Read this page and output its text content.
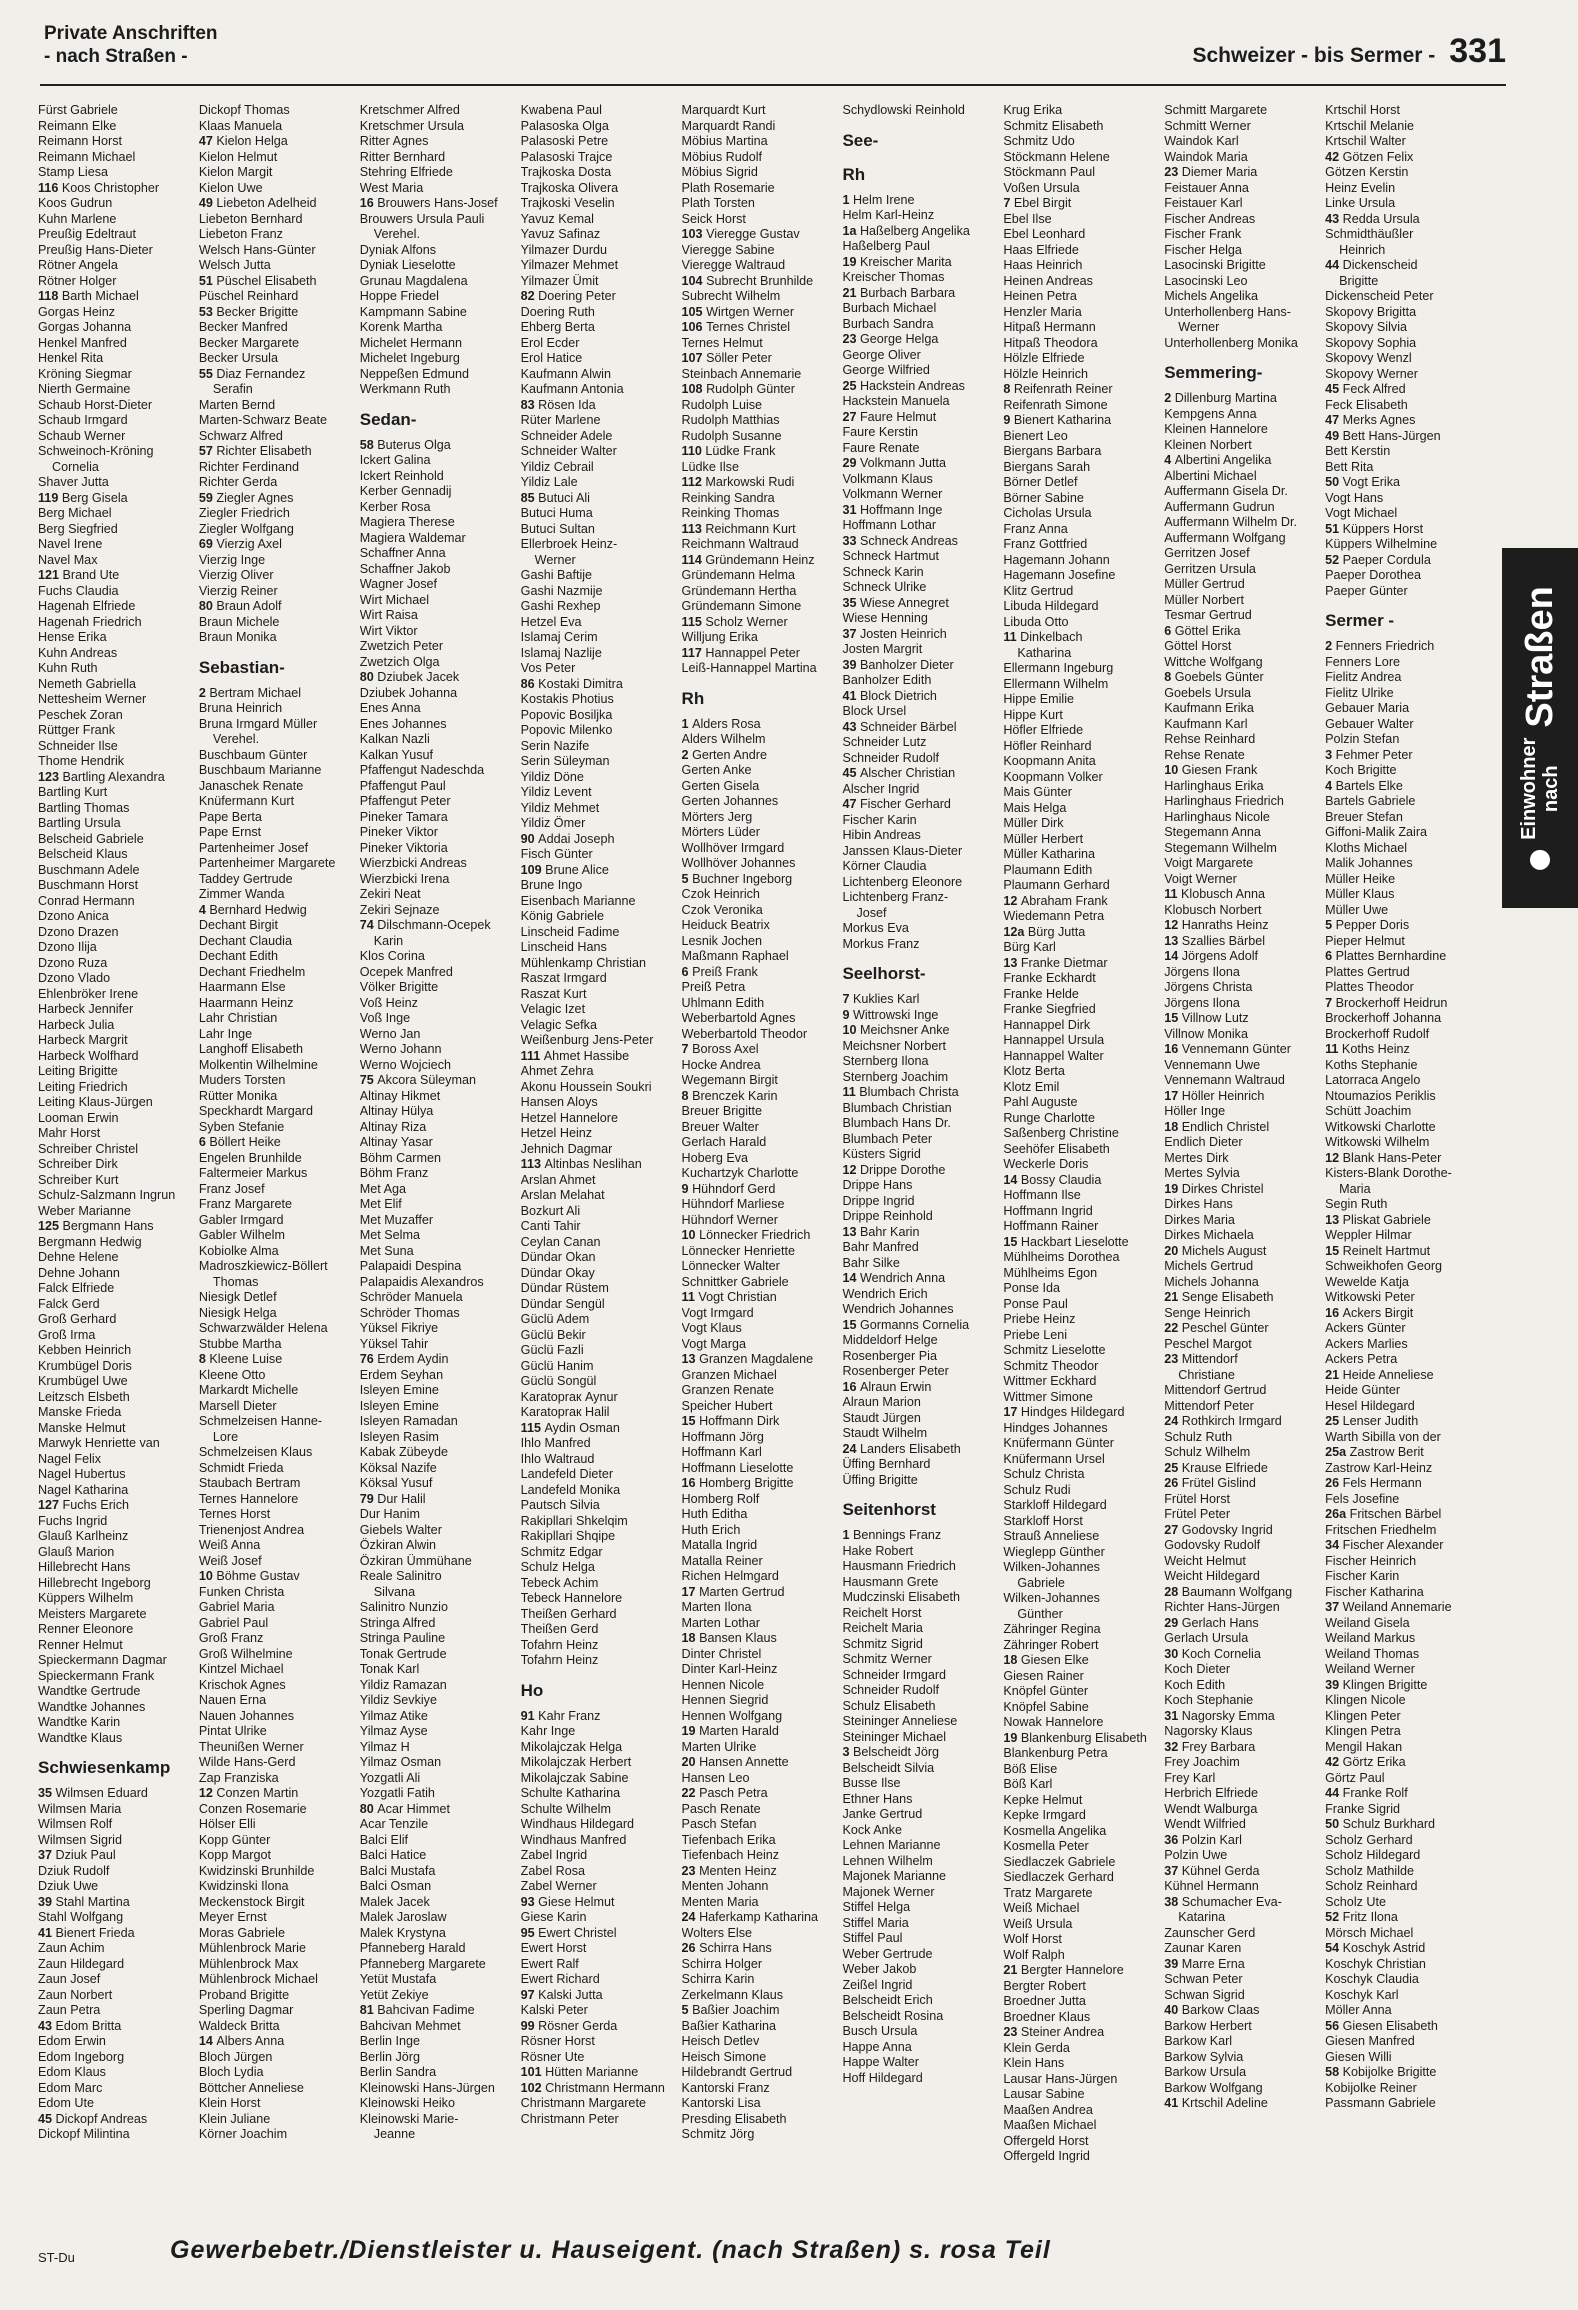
Private Anschriften
- nach Straßen -	Schweizer - bis Sermer - 331
Fürst Gabriele
Reimann Elke
Reimann Horst
Reimann Michael
Stamp Liesa
116 Koos Christopher
Koos Gudrun
Kuhn Marlene
Preußig Edeltraut
Preußig Hans-Dieter
Rötner Angela
Rötner Holger
118 Barth Michael
Gorgas Heinz
Gorgas Johanna
Henkel Manfred
Henkel Rita
Kröning Siegmar
Nierth Germaine
Schaub Horst-Dieter
Schaub Irmgard
Schaub Werner
Schweinoch-Kröning
Cornelia
Shaver Jutta
119 Berg Gisela
Berg Michael
Berg Siegfried
Navel Irene
Navel Max
121 Brand Ute
Fuchs Claudia
Hagenah Elfriede
Hagenah Friedrich
Hense Erika
Kuhn Andreas
Kuhn Ruth
Nemeth Gabriella
Nettesheim Werner
Peschek Zoran
Rüttger Frank
Schneider Ilse
Thome Hendrik
123 Bartling Alexandra
Bartling Kurt
Bartling Thomas
Bartling Ursula
Belscheid Gabriele
Belscheid Klaus
Buschmann Adele
Buschmann Horst
Conrad Hermann
Dzono Anica
Dzono Drazen
Dzono Ilija
Dzono Ruza
Dzono Vlado
Ehlenbröker Irene
Harbeck Jennifer
Harbeck Julia
Harbeck Margrit
Harbeck Wolfhard
Leiting Brigitte
Leiting Friedrich
Leiting Klaus-Jürgen
Looman Erwin
Mahr Horst
Schreiber Christel
Schreiber Dirk
Schreiber Kurt
Schulz-Salzmann Ingrun
Weber Marianne
125 Bergmann Hans
Bergmann Hedwig
Dehne Helene
Dehne Johann
Falck Elfriede
Falck Gerd
Groß Gerhard
Groß Irma
Kebben Heinrich
Krumbügel Doris
Krumbügel Uwe
Leitzsch Elsbeth
Manske Frieda
Manske Helmut
Marwyk Henriette van
Nagel Felix
Nagel Hubertus
Nagel Katharina
127 Fuchs Erich
Fuchs Ingrid
Glauß Karlheinz
Glauß Marion
Hillebrecht Hans
Hillebrecht Ingeborg
Küppers Wilhelm
Meisters Margarete
Renner Eleonore
Renner Helmut
Spieckermann Dagmar
Spieckermann Frank
Wandtke Gertrude
Wandtke Johannes
Wandtke Karin
Wandtke Klaus
Schwiesenkamp
35 Wilmsen Eduard
Wilmsen Maria
Wilmsen Rolf
Wilmsen Sigrid
37 Dziuk Paul
Dziuk Rudolf
Dziuk Uwe
39 Stahl Martina
Stahl Wolfgang
41 Bienert Frieda
Zaun Achim
Zaun Hildegard
Zaun Josef
Zaun Norbert
Zaun Petra
43 Edom Britta
Edom Erwin
Edom Ingeborg
Edom Klaus
Edom Marc
Edom Ute
45 Dickopf Andreas
Dickopf Milintina
Dickopf Thomas
Klaas Manuela
47 Kielon Helga
Kielon Helmut
Kielon Margit
Kielon Uwe
49 Liebeton Adelheid
Liebeton Bernhard
Liebeton Franz
Welsch Hans-Günter
Welsch Jutta
51 Püschel Elisabeth
Püschel Reinhard
53 Becker Brigitte
Becker Manfred
Becker Margarete
Becker Ursula
55 Diaz Fernandez
Serafin
Marten Bernd
Marten-Schwarz Beate
Schwarz Alfred
57 Richter Elisabeth
Richter Ferdinand
Richter Gerda
59 Ziegler Agnes
Ziegler Friedrich
Ziegler Wolfgang
69 Vierzig Axel
Vierzig Inge
Vierzig Oliver
Vierzig Reiner
80 Braun Adolf
Braun Michele
Braun Monika
Sebastian-
2 Bertram Michael
Bruna Heinrich
Bruna Irmgard Müller
Verehel.
Buschbaum Günter
Buschbaum Marianne
Janaschek Renate
Knüfermann Kurt
Pape Berta
Pape Ernst
Partenheimer Josef
Partenheimer Margarete
Taddey Gertrude
Zimmer Wanda
4 Bernhard Hedwig
Dechant Birgit
Dechant Claudia
Dechant Edith
Dechant Friedhelm
Haarmann Else
Haarmann Heinz
Lahr Christian
Lahr Inge
Langhoff Elisabeth
Molkentin Wilhelmine
Muders Torsten
Rütter Monika
Speckhardt Margard
Syben Stefanie
6 Böllert Heike
Engelen Brunhilde
Faltermeier Markus
Franz Josef
Franz Margarete
Gabler Irmgard
Gabler Wilhelm
Kobiolke Alma
Madroszkiewicz-Böllert
Thomas
Niesigk Detlef
Niesigk Helga
Schwarzwälder Helena
Stubbe Martha
8 Kleene Luise
Kleene Otto
Markardt Michelle
Marsell Dieter
Schmelzeisen Hanne-
Lore
Schmelzeisen Klaus
Schmidt Frieda
Staubach Bertram
Ternes Hannelore
Ternes Horst
Trienenjost Andrea
Weiß Anna
Weiß Josef
10 Böhme Gustav
Funken Christa
Gabriel Maria
Gabriel Paul
Groß Franz
Groß Wilhelmine
Kintzel Michael
Krischok Agnes
Nauen Erna
Nauen Johannes
Pintat Ulrike
Theunißen Werner
Wilde Hans-Gerd
Zap Franziska
12 Conzen Martin
Conzen Rosemarie
Hölser Elli
Kopp Günter
Kopp Margot
Kwidzinski Brunhilde
Kwidzinski Ilona
Meckenstock Birgit
Meyer Ernst
Moras Gabriele
Mühlenbrock Marie
Mühlenbrock Max
Mühlenbrock Michael
Proband Brigitte
Sperling Dagmar
Waldeck Britta
14 Albers Anna
Bloch Jürgen
Bloch Lydia
Böttcher Anneliese
Klein Horst
Klein Juliane
Körner Joachim
Kretschmer Alfred
Kretschmer Ursula
Ritter Agnes
Ritter Bernhard
Stehring Elfriede
West Maria
16 Brouwers Hans-Josef
Brouwers Ursula Pauli
Verehel.
Dyniak Alfons
Dyniak Lieselotte
Grunau Magdalena
Hoppe Friedel
Kampmann Sabine
Korenk Martha
Michelet Hermann
Michelet Ingeburg
Neppeßen Edmund
Werkmann Ruth
Sedan-
58 Buterus Olga
Ickert Galina
Ickert Reinhold
Kerber Gennadij
Kerber Rosa
Magiera Therese
Magiera Waldemar
Schaffner Anna
Schaffner Jakob
Wagner Josef
Wirt Michael
Wirt Raisa
Wirt Viktor
Zwetzich Peter
Zwetzich Olga
80 Dziubek Jacek
Dziubek Johanna
Enes Anna
Enes Johannes
Kalkan Nazli
Kalkan Yusuf
Pfaffengut Nadeschda
Pfaffengut Paul
Pfaffengut Peter
Pineker Tamara
Pineker Viktor
Pineker Viktoria
Wierzbicki Andreas
Wierzbicki Irena
Zekiri Neat
Zekiri Sejnaze
74 Dilschmann-Ocepek
Karin
Klos Corina
Ocepek Manfred
Völker Brigitte
Voß Heinz
Voß Inge
Werno Jan
Werno Johann
Werno Wojciech
75 Akcora Süleyman
Altinay Hikmet
Altinay Hülya
Altinay Riza
Altinay Yasar
Böhm Carmen
Böhm Franz
Met Aga
Met Elif
Met Muzaffer
Met Selma
Met Suna
Palapaidi Despina
Palapaidis Alexandros
Schröder Manuela
Schröder Thomas
Yüksel Fikriye
Yüksel Tahir
76 Erdem Aydin
Erdem Seyhan
Isleyen Emine
Isleyen Emine
Isleyen Ramadan
Isleyen Rasim
Kabak Zübeyde
Köksal Nazife
Köksal Yusuf
79 Dur Halil
Dur Hanim
Giebels Walter
Özkiran Alwin
Özkiran Ümmühane
Reale Salinitro
Silvana
Salinitro Nunzio
Stringa Alfred
Stringa Pauline
Tonak Gertrude
Tonak Karl
Yildiz Ramazan
Yildiz Sevkiye
Yilmaz Atike
Yilmaz Ayse
Yilmaz H
Yilmaz Osman
Yozgatli Ali
Yozgatli Fatih
80 Acar Himmet
Acar Tenzile
Balci Elif
Balci Hatice
Balci Mustafa
Balci Osman
Malek Jacek
Malek Jaroslaw
Malek Krystyna
Pfanneberg Harald
Pfanneberg Margarete
Yetüt Mustafa
Yetüt Zekiye
81 Bahcivan Fadime
Bahcivan Mehmet
Berlin Inge
Berlin Jörg
Berlin Sandra
Kleinowski Hans-Jürgen
Kleinowski Heiko
Kleinowski Marie-
Jeanne
Kwabena Paul
Palasoska Olga
Palasoski Petre
Palasoski Trajce
Trajkoska Dosta
Trajkoska Olivera
Trajkoski Veselin
Yavuz Kemal
Yavuz Safinaz
Yilmazer Durdu
Yilmazer Mehmet
Yilmazer Ümit
82 Doering Peter
Doering Ruth
Ehberg Berta
Erol Ecder
Erol Hatice
Kaufmann Alwin
Kaufmann Antonia
83 Rösen Ida
Rüter Marlene
Schneider Adele
Schneider Walter
Yildiz Cebrail
Yildiz Lale
85 Butuci Ali
Butuci Huma
Butuci Sultan
Ellerbroek Heinz-
Werner
Gashi Baftije
Gashi Nazmije
Gashi Rexhep
Hetzel Eva
Islamaj Cerim
Islamaj Nazlije
Vos Peter
86 Kostaki Dimitra
Kostakis Photius
Popovic Bosiljka
Popovic Milenko
Serin Nazife
Serin Süleyman
Yildiz Döne
Yildiz Levent
Yildiz Mehmet
Yildiz Ömer
90 Addai Joseph
Fisch Günter
109 Brune Alice
Brune Ingo
Eisenbach Marianne
König Gabriele
Linscheid Fadime
Linscheid Hans
Mühlenkamp Christian
Raszat Irmgard
Raszat Kurt
Velagic Izet
Velagic Sefka
Weißenburg Jens-Peter
111 Ahmet Hassibe
Ahmet Zehra
Akonu Houssein Soukri
Hansen Aloys
Hetzel Hannelore
Hetzel Heinz
Jehnich Dagmar
113 Altinbas Neslihan
Arslan Ahmet
Arslan Melahat
Bozkurt Ali
Canti Tahir
Ceylan Canan
Dündar Okan
Dündar Okay
Dündar Rüstem
Dündar Sengül
Güclü Adem
Güclü Bekir
Güclü Fazli
Güclü Hanim
Güclü Songül
Karatopraк Aynur
Karatopraк Halil
115 Aydin Osman
Ihlo Manfred
Ihlo Waltraud
Landefeld Dieter
Landefeld Monika
Pautsch Silvia
Rakipllari Shkelqim
Rakipllari Shqipe
Schmitz Edgar
Schulz Helga
Tebeck Achim
Tebeck Hannelore
Theißen Gerhard
Theißen Gerd
Tofahrn Heinz
Tofahrn Heinz
Ho
91 Kahr Franz
Kahr Inge
Mikolajczak Helga
Mikolajczak Herbert
Mikolajczak Sabine
Schulte Katharina
Schulte Wilhelm
Windhaus Hildegard
Windhaus Manfred
Zabel Ingrid
Zabel Rosa
Zabel Werner
93 Giese Helmut
Giese Karin
95 Ewert Christel
Ewert Horst
Ewert Ralf
Ewert Richard
97 Kalski Jutta
Kalski Peter
99 Rösner Gerda
Rösner Horst
Rösner Ute
101 Hütten Marianne
102 Christmann Hermann
Christmann Margarete
Christmann Peter
Marquardt Kurt
Marquardt Randi
Möbius Martina
Möbius Rudolf
Möbius Sigrid
Plath Rosemarie
Plath Torsten
Seick Horst
103 Vieregge Gustav
Vieregge Sabine
Vieregge Waltraud
104 Subrecht Brunhilde
Subrecht Wilhelm
105 Wirtgen Werner
106 Ternes Christel
Ternes Helmut
107 Söller Peter
Steinbach Annemarie
108 Rudolph Günter
Rudolph Luise
Rudolph Matthias
Rudolph Susanne
110 Lüdke Frank
Lüdke Ilse
112 Markowski Rudi
Reinking Sandra
Reinking Thomas
113 Reichmann Kurt
Reichmann Waltraud
114 Gründemann Heinz
Gründemann Helma
Gründemann Hertha
Gründemann Simone
115 Scholz Werner
Willjung Erika
117 Hannappel Peter
Leiß-Hannappel Martina
Rh
1 Alders Rosa
Alders Wilhelm
2 Gerten Andre
Gerten Anke
Gerten Gisela
Gerten Johannes
Mörters Jerg
Mörters Lüder
Wollhöver Irmgard
Wollhöver Johannes
5 Buchner Ingeborg
Czok Heinrich
Czok Veronika
Heiduck Beatrix
Lesnik Jochen
Maßmann Raphael
6 Preiß Frank
Preiß Petra
Uhlmann Edith
Weberbartold Agnes
Weberbartold Theodor
7 Boross Axel
Hocke Andrea
Wegemann Birgit
8 Brenczek Karin
Breuer Brigitte
Breuer Walter
Gerlach Harald
Hoberg Eva
Kuchartzyk Charlotte
9 Hühndorf Gerd
Hühndorf Marliese
Hühndorf Werner
10 Lönnecker Friedrich
Lönnecker Henriette
Lönnecker Walter
Schnittker Gabriele
11 Vogt Christian
Vogt Irmgard
Vogt Klaus
Vogt Marga
13 Granzen Magdalene
Granzen Michael
Granzen Renate
Speicher Hubert
15 Hoffmann Dirk
Hoffmann Jörg
Hoffmann Karl
Hoffmann Lieselotte
16 Homberg Brigitte
Homberg Rolf
Huth Editha
Huth Erich
Matalla Ingrid
Matalla Reiner
Richen Helmgard
17 Marten Gertrud
Marten Ilona
Marten Lothar
18 Bansen Klaus
Dinter Christel
Dinter Karl-Heinz
Hennen Nicole
Hennen Siegrid
Hennen Wolfgang
19 Marten Harald
Marten Ulrike
20 Hansen Annette
Hansen Leo
22 Pasch Petra
Pasch Renate
Pasch Stefan
Tiefenbach Erika
Tiefenbach Heinz
23 Menten Heinz
Menten Johann
Menten Maria
24 Haferkamp Katharina
Wolters Else
26 Schirra Hans
Schirra Holger
Schirra Karin
Zerkelmann Klaus
5 Baßier Joachim
Baßier Katharina
Heisch Detlev
Heisch Simone
Hildebrandt Gertrud
Kantorski Franz
Kantorski Lisa
Presding Elisabeth
Schmitz Jörg
Schydlowski Reinhold
See-
Rh
1 Helm Irene
Helm Karl-Heinz
1a Haßelberg Angelika
Haßelberg Paul
19 Kreischer Marita
Kreischer Thomas
21 Burbach Barbara
Burbach Michael
Burbach Sandra
23 George Helga
George Oliver
George Wilfried
25 Hackstein Andreas
Hackstein Manuela
27 Faure Helmut
Faure Kerstin
Faure Renate
29 Volkmann Jutta
Volkmann Klaus
Volkmann Werner
31 Hoffmann Inge
Hoffmann Lothar
33 Schneck Andreas
Schneck Hartmut
Schneck Karin
Schneck Ulrike
35 Wiese Annegret
Wiese Henning
37 Josten Heinrich
Josten Margrit
39 Banholzer Dieter
Banholzer Edith
41 Block Dietrich
Block Ursel
43 Schneider Bärbel
Schneider Lutz
Schneider Rudolf
45 Alscher Christian
Alscher Ingrid
47 Fischer Gerhard
Fischer Karin
Hibin Andreas
Janssen Klaus-Dieter
Körner Claudia
Lichtenberg Eleonore
Lichtenberg Franz-
Josef
Morkus Eva
Morkus Franz
Seelhorst-
7 Kuklies Karl
9 Wittrowski Inge
10 Meichsner Anke
Meichsner Norbert
Sternberg Ilona
Sternberg Joachim
11 Blumbach Christa
Blumbach Christian
Blumbach Hans Dr.
Blumbach Peter
Küsters Sigrid
12 Drippe Dorothe
Drippe Hans
Drippe Ingrid
Drippe Reinhold
13 Bahr Karin
Bahr Manfred
Bahr Silke
14 Wendrich Anna
Wendrich Erich
Wendrich Johannes
15 Gormanns Cornelia
Middeldorf Helge
Rosenberger Pia
Rosenberger Peter
16 Alraun Erwin
Alraun Marion
Staudt Jürgen
Staudt Wilhelm
24 Landers Elisabeth
Üffing Bernhard
Üffing Brigitte
Seitenhorst
1 Bennings Franz
Hake Robert
Hausmann Friedrich
Hausmann Grete
Mudczinski Elisabeth
Reichelt Horst
Reichelt Maria
Schmitz Sigrid
Schmitz Werner
Schneider Irmgard
Schneider Rudolf
Schulz Elisabeth
Steininger Anneliese
Steininger Michael
3 Belscheidt Jörg
Belscheidt Silvia
Busse Ilse
Ethner Hans
Janke Gertrud
Kock Anke
Lehnen Marianne
Lehnen Wilhelm
Majonek Marianne
Majonek Werner
Stiffel Helga
Stiffel Maria
Stiffel Paul
Weber Gertrude
Weber Jakob
Zeißel Ingrid
Belscheidt Erich
Belscheidt Rosina
Busch Ursula
Happe Anna
Happe Walter
Hoff Hildegard
Krug Erika
Schmitz Elisabeth
Schmitz Udo
Stöckmann Helene
Stöckmann Paul
Voßen Ursula
7 Ebel Birgit
Ebel Ilse
Ebel Leonhard
Haas Elfriede
Haas Heinrich
Heinen Andreas
Heinen Petra
Henzler Maria
Hitpaß Hermann
Hitpaß Theodora
Hölzle Elfriede
Hölzle Heinrich
8 Reifenrath Reiner
Reifenrath Simone
9 Bienert Katharina
Bienert Leo
Biergans Barbara
Biergans Sarah
Börner Detlef
Börner Sabine
Cicholas Ursula
Franz Anna
Franz Gottfried
Hagemann Johann
Hagemann Josefine
Klitz Gertrud
Libuda Hildegard
Libuda Otto
11 Dinkelbach
Katharina
Ellermann Ingeburg
Ellermann Wilhelm
Hippe Emilie
Hippe Kurt
Höfler Elfriede
Höfler Reinhard
Koopmann Anita
Koopmann Volker
Mais Günter
Mais Helga
Müller Dirk
Müller Herbert
Müller Katharina
Plaumann Edith
Plaumann Gerhard
12 Abraham Frank
Wiedemann Petra
12a Bürg Jutta
Bürg Karl
13 Franke Dietmar
Franke Eckhardt
Franke Helde
Franke Siegfried
Hannappel Dirk
Hannappel Ursula
Hannappel Walter
Klotz Berta
Klotz Emil
Pahl Auguste
Runge Charlotte
Saßenberg Christine
Seehöfer Elisabeth
Weckerle Doris
14 Bossy Claudia
Hoffmann Ilse
Hoffmann Ingrid
Hoffmann Rainer
15 Hackbart Lieselotte
Mühlheims Dorothea
Mühlheims Egon
Ponse Ida
Ponse Paul
Priebe Heinz
Priebe Leni
Schmitz Lieselotte
Schmitz Theodor
Wittmer Eckhard
Wittmer Simone
17 Hindges Hildegard
Hindges Johannes
Knüfermann Günter
Knüfermann Ursel
Schulz Christa
Schulz Rudi
Starkloff Hildegard
Starkloff Horst
Strauß Anneliese
Wieglepp Günther
Wilken-Johannes
Gabriele
Wilken-Johannes
Günther
Zähringer Regina
Zähringer Robert
18 Giesen Elke
Giesen Rainer
Knöpfel Günter
Knöpfel Sabine
Nowak Hannelore
19 Blankenburg Elisabeth
Blankenburg Petra
Böß Elise
Böß Karl
Kepke Helmut
Kepke Irmgard
Kosmella Angelika
Kosmella Peter
Siedlaczek Gabriele
Siedlaczek Gerhard
Tratz Margarete
Weiß Michael
Weiß Ursula
Wolf Horst
Wolf Ralph
21 Bergter Hannelore
Bergter Robert
Broedner Jutta
Broedner Klaus
23 Steiner Andrea
Klein Gerda
Klein Hans
Lausar Hans-Jürgen
Lausar Sabine
Maaßen Andrea
Maaßen Michael
Offergeld Horst
Offergeld Ingrid
Schmitt Margarete
Schmitt Werner
Waindok Karl
Waindok Maria
23 Diemer Maria
Feistauer Anna
Feistauer Karl
Fischer Andreas
Fischer Frank
Fischer Helga
Lasocinski Brigitte
Lasocinski Leo
Michels Angelika
Unterhollenberg Hans-
Werner
Unterhollenberg Monika
Semmering-
2 Dillenburg Martina
Kempgens Anna
Kleinen Hannelore
Kleinen Norbert
4 Albertini Angelika
Albertini Michael
Auffermann Gisela Dr.
Auffermann Gudrun
Auffermann Wilhelm Dr.
Auffermann Wolfgang
Gerritzen Josef
Gerritzen Ursula
Müller Gertrud
Müller Norbert
Tesmar Gertrud
6 Göttel Erika
Göttel Horst
Wittche Wolfgang
8 Goebels Günter
Goebels Ursula
Kaufmann Erika
Kaufmann Karl
Rehse Reinhard
Rehse Renate
10 Giesen Frank
Harlinghaus Erika
Harlinghaus Friedrich
Harlinghaus Nicole
Stegemann Anna
Stegemann Wilhelm
Voigt Margarete
Voigt Werner
11 Klobusch Anna
Klobusch Norbert
12 Hanraths Heinz
13 Szallies Bärbel
14 Jörgens Adolf
Jörgens Ilona
Jörgens Christa
Jörgens Ilona
15 Villnow Lutz
Villnow Monika
16 Vennemann Günter
Vennemann Uwe
Vennemann Waltraud
17 Höller Heinrich
Höller Inge
18 Endlich Christel
Endlich Dieter
Mertes Dirk
Mertes Sylvia
19 Dirkes Christel
Dirkes Hans
Dirkes Maria
Dirkes Michaela
20 Michels August
Michels Gertrud
Michels Johanna
21 Senge Elisabeth
Senge Heinrich
22 Peschel Günter
Peschel Margot
23 Mittendorf
Christiane
Mittendorf Gertrud
Mittendorf Peter
24 Rothkirch Irmgard
Schulz Ruth
Schulz Wilhelm
25 Krause Elfriede
26 Frütel Gislind
Frütel Horst
Frütel Peter
27 Godovsky Ingrid
Godovsky Rudolf
Weicht Helmut
Weicht Hildegard
28 Baumann Wolfgang
Richter Hans-Jürgen
29 Gerlach Hans
Gerlach Ursula
30 Koch Cornelia
Koch Dieter
Koch Edith
Koch Stephanie
31 Nagorsky Emma
Nagorsky Klaus
32 Frey Barbara
Frey Joachim
Frey Karl
Herbrich Elfriede
Wendt Walburga
Wendt Wilfried
36 Polzin Karl
Polzin Uwe
37 Kühnel Gerda
Kühnel Hermann
38 Schumacher Eva-
Katarina
Zaunscher Gerd
Zaunar Karen
39 Marre Erna
Schwan Peter
Schwan Sigrid
40 Barkow Claas
Barkow Herbert
Barkow Karl
Barkow Sylvia
Barkow Ursula
Barkow Wolfgang
41 Krtschil Adeline
Krtschil Horst
Krtschil Melanie
Krtschil Walter
42 Götzen Felix
Götzen Kerstin
Heinz Evelin
Linke Ursula
43 Redda Ursula
Schmidthäußler
Heinrich
44 Dickenscheid
Brigitte
Dickenscheid Peter
Skopovy Brigitta
Skopovy Silvia
Skopovy Sophia
Skopovy Wenzl
Skopovy Werner
45 Feck Alfred
Feck Elisabeth
47 Merks Agnes
49 Bett Hans-Jürgen
Bett Kerstin
Bett Rita
50 Vogt Erika
Vogt Hans
Vogt Michael
51 Küppers Horst
Küppers Wilhelmine
52 Paeper Cordula
Paeper Dorothea
Paeper Günter
Sermer -
2 Fenners Friedrich
Fenners Lore
Fielitz Andrea
Fielitz Ulrike
Gebauer Maria
Gebauer Walter
Polzin Stefan
3 Fehmer Peter
Koch Brigitte
4 Bartels Elke
Bartels Gabriele
Breuer Stefan
Giffoni-Malik Zaira
Kloths Michael
Malik Johannes
Müller Heike
Müller Klaus
Müller Uwe
5 Pepper Doris
Pieper Helmut
6 Plattes Bernhardine
Plattes Gertrud
Plattes Theodor
7 Brockerhoff Heidrun
Brockerhoff Johanna
Brockerhoff Rudolf
11 Koths Heinz
Koths Stephanie
Latorraca Angelo
Ntoumazios Periklis
Schütt Joachim
Witkowski Charlotte
Witkowski Wilhelm
12 Blank Hans-Peter
Kisters-Blank Dorothe-
Maria
Segin Ruth
13 Pliskat Gabriele
Weppler Hilmar
15 Reinelt Hartmut
Schweikhofen Georg
Wewelde Katja
Witkowski Peter
16 Ackers Birgit
Ackers Günter
Ackers Marlies
Ackers Petra
21 Heide Anneliese
Heide Günter
Hesel Hildegard
25 Lenser Judith
Warth Sibilla von der
25a Zastrow Berit
Zastrow Karl-Heinz
26 Fels Hermann
Fels Josefine
26a Fritschen Bärbel
Fritschen Friedhelm
34 Fischer Alexander
Fischer Heinrich
Fischer Karin
Fischer Katharina
37 Weiland Annemarie
Weiland Gisela
Weiland Markus
Weiland Thomas
Weiland Werner
39 Klingen Brigitte
Klingen Nicole
Klingen Peter
Klingen Petra
Mengil Hakan
42 Görtz Erika
Görtz Paul
44 Franke Rolf
Franke Sigrid
50 Schulz Burkhard
Scholz Gerhard
Scholz Hildegard
Scholz Mathilde
Scholz Reinhard
Scholz Ute
52 Fritz Ilona
Mörsch Michael
54 Koschyk Astrid
Koschyk Christian
Koschyk Claudia
Koschyk Karl
Möller Anna
56 Giesen Elisabeth
Giesen Manfred
Giesen Willi
58 Kobijolke Brigitte
Kobijolke Reiner
Passmann Gabriele
Einwohner nach
Straßen
ST-Du	Gewerbebetr./Dienstleister u. Hauseigent. (nach Straßen) s. rosa Teil
